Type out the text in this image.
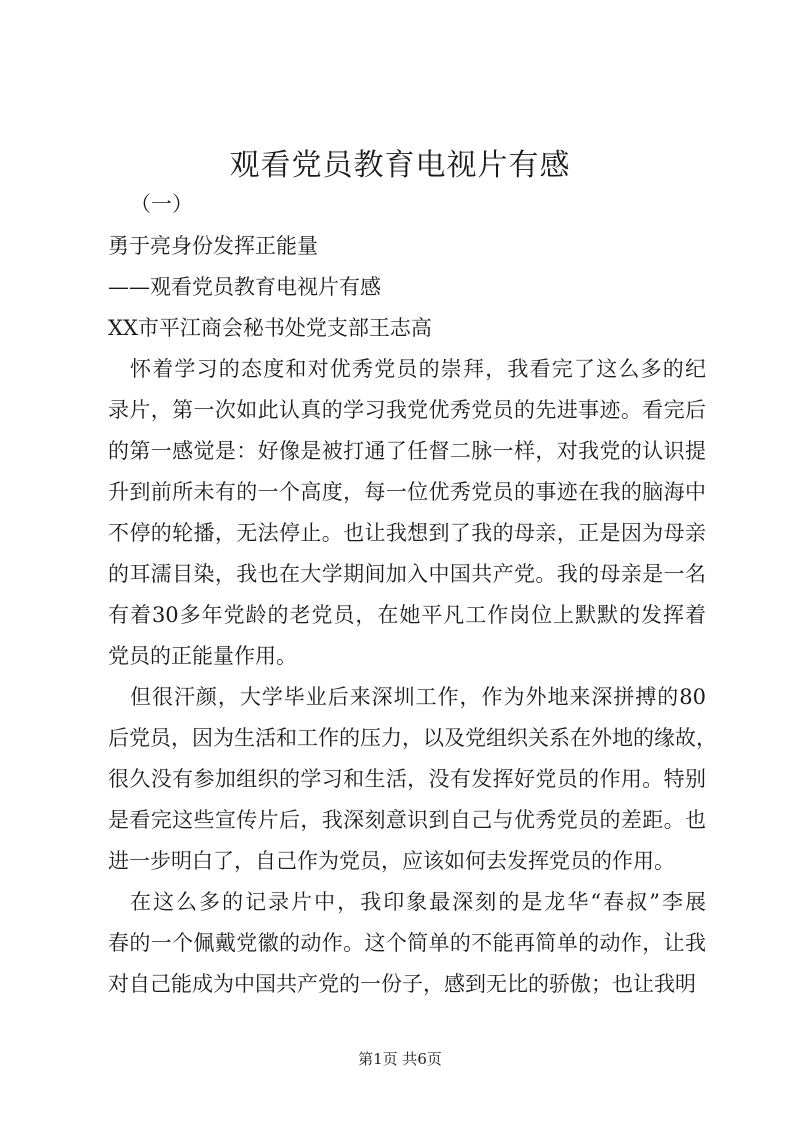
观看党员教育电视片有感
（一）
勇于亮身份发挥正能量
——观看党员教育电视片有感
XX市平江商会秘书处党支部王志高
怀着学习的态度和对优秀党员的崇拜，我看完了这么多的纪
录片，第一次如此认真的学习我党优秀党员的先进事迹。看完后
的第一感觉是：好像是被打通了任督二脉一样，对我党的认识提
升到前所未有的一个高度，每一位优秀党员的事迹在我的脑海中
不停的轮播，无法停止。也让我想到了我的母亲，正是因为母亲
的耳濡目染，我也在大学期间加入中国共产党。我的母亲是一名
有着30多年党龄的老党员，在她平凡工作岗位上默默的发挥着
党员的正能量作用。
但很汗颜，大学毕业后来深圳工作，作为外地来深拼搏的80
后党员，因为生活和工作的压力，以及党组织关系在外地的缘故，
很久没有参加组织的学习和生活，没有发挥好党员的作用。特别
是看完这些宣传片后，我深刻意识到自己与优秀党员的差距。也
进一步明白了，自己作为党员，应该如何去发挥党员的作用。
在这么多的记录片中，我印象最深刻的是龙华“春叔”李展
春的一个佩戴党徽的动作。这个简单的不能再简单的动作，让我
对自己能成为中国共产党的一份子，感到无比的骄傲；也让我明
第1页 共6页
